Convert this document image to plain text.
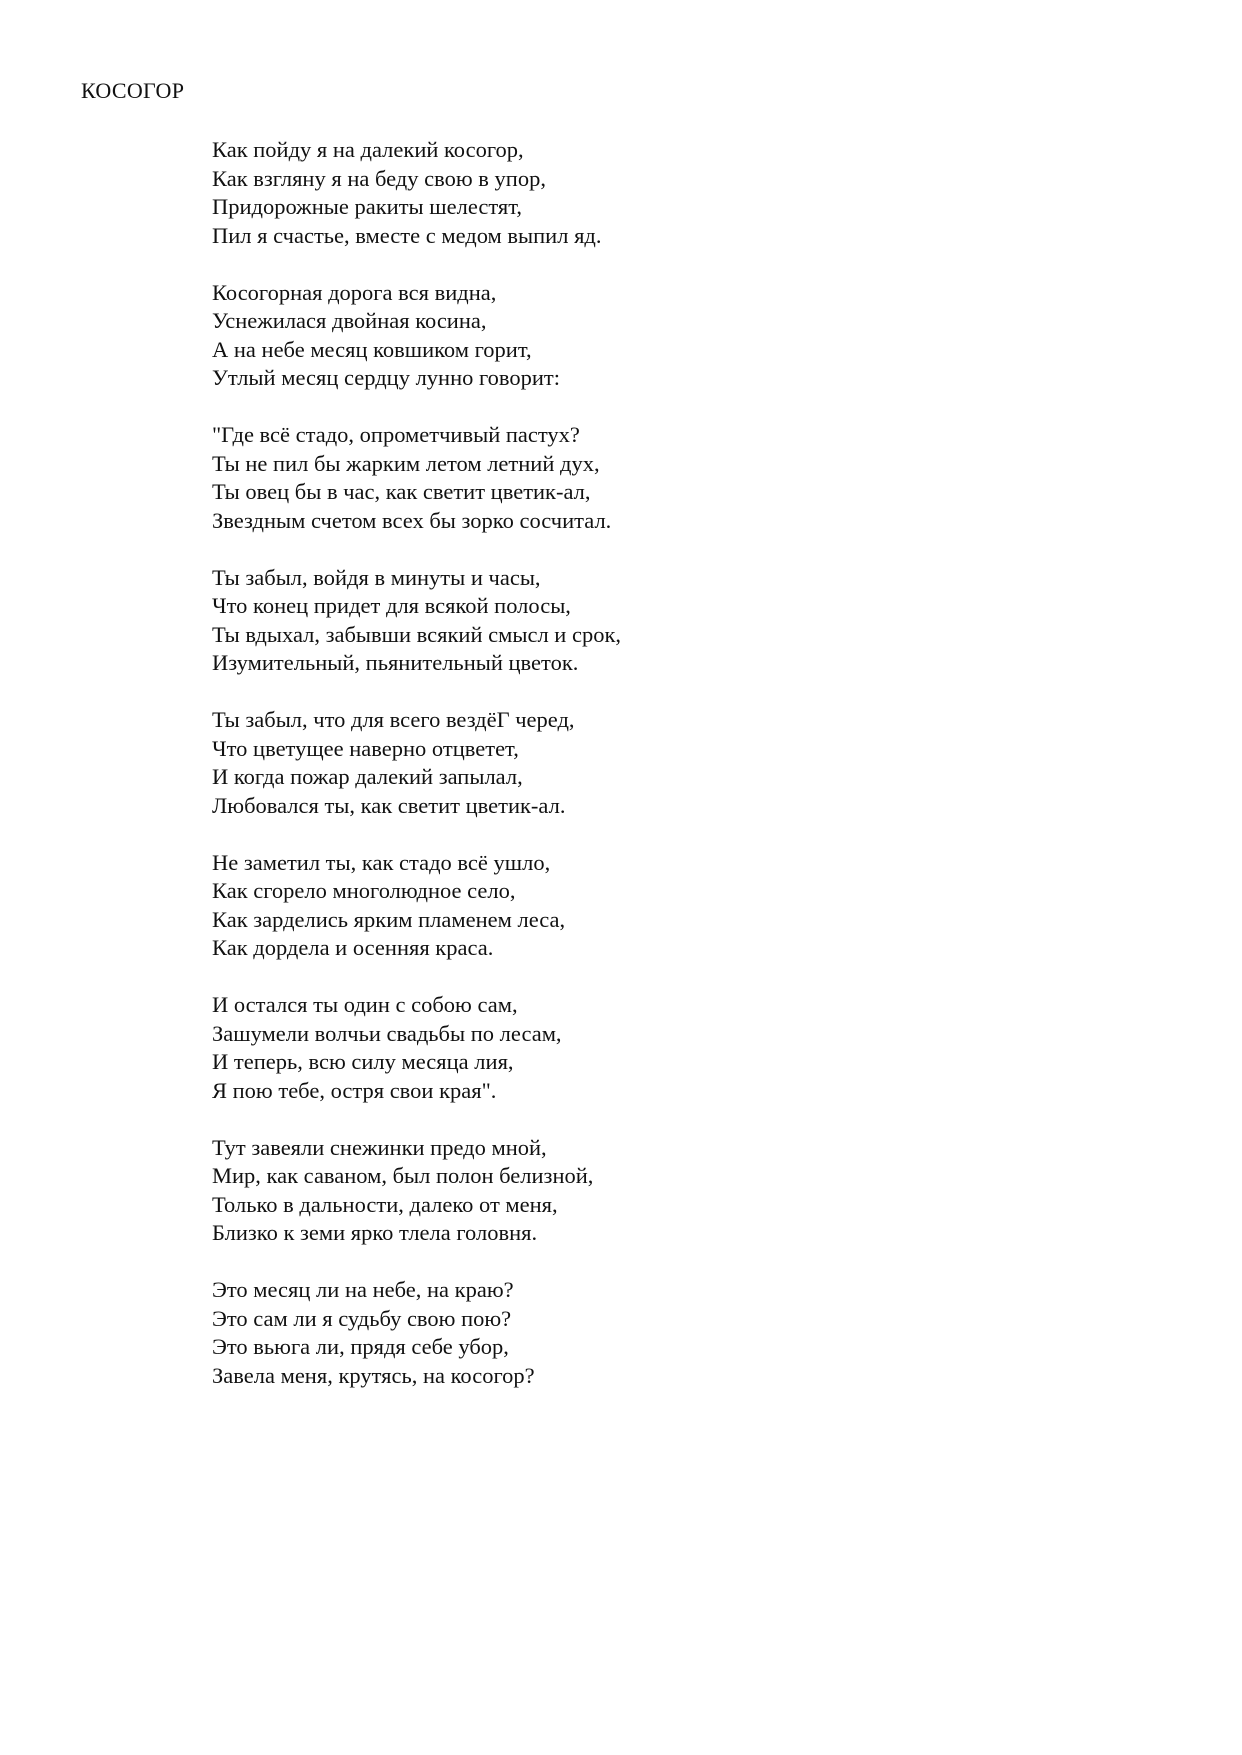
КОСОГОР
Как пойду я на далекий косогор,
Как взгляну я на беду свою в упор,
Придорожные ракиты шелестят,
Пил я счастье, вместе с медом выпил яд.
Косогорная дорога вся видна,
Уснежилася двойная косина,
А на небе месяц ковшиком горит,
Утлый месяц сердцу лунно говорит:
"Где всё стадо, опрометчивый пастух?
Ты не пил бы жарким летом летний дух,
Ты овец бы в час, как светит цветик-ал,
Звездным счетом всех бы зорко сосчитал.
Ты забыл, войдя в минуты и часы,
Что конец придет для всякой полосы,
Ты вдыхал, забывши всякий смысл и срок,
Изумительный, пьянительный цветок.
Ты забыл, что для всего вездёГ черед,
Что цветущее наверно отцветет,
И когда пожар далекий запылал,
Любовался ты, как светит цветик-ал.
Не заметил ты, как стадо всё ушло,
Как сгорело многолюдное село,
Как зарделись ярким пламенем леса,
Как дордела и осенняя краса.
И остался ты один с собою сам,
Зашумели волчьи свадьбы по лесам,
И теперь, всю силу месяца лия,
Я пою тебе, остря свои края".
Тут завеяли снежинки предо мной,
Мир, как саваном, был полон белизной,
Только в дальности, далеко от меня,
Близко к земи ярко тлела головня.
Это месяц ли на небе, на краю?
Это сам ли я судьбу свою пою?
Это вьюга ли, прядя себе убор,
Завела меня, крутясь, на косогор?
